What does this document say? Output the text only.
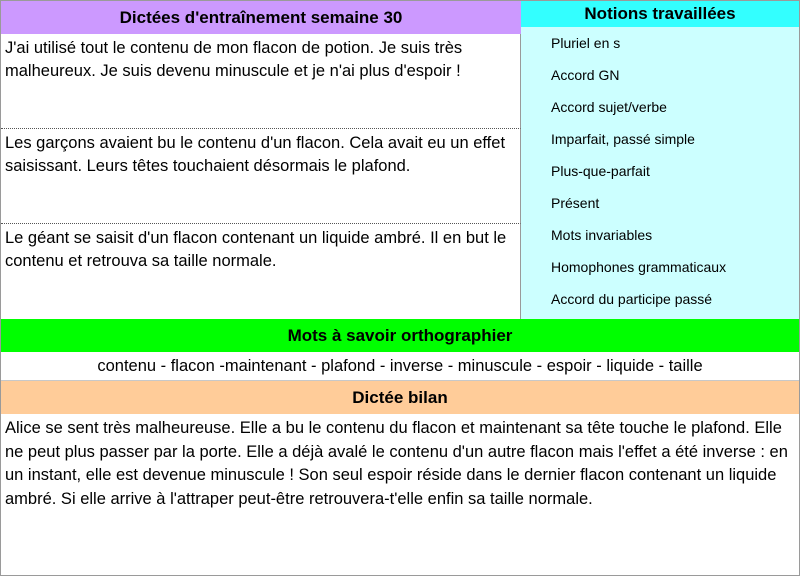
Dictées d'entraînement semaine 30
J'ai utilisé tout le contenu de mon flacon de potion. Je suis très malheureux. Je suis devenu minuscule et je n'ai plus d'espoir !
Les garçons avaient bu le contenu d'un flacon. Cela avait eu un effet saisissant. Leurs têtes touchaient désormais le plafond.
Le géant se saisit d'un flacon contenant un liquide ambré. Il en but le contenu et retrouva sa taille normale.
Notions travaillées
Pluriel en s
Accord GN
Accord sujet/verbe
Imparfait, passé simple
Plus-que-parfait
Présent
Mots invariables
Homophones grammaticaux
Accord du participe passé
Mots à savoir orthographier
contenu - flacon -maintenant - plafond - inverse - minuscule - espoir - liquide - taille
Dictée bilan
Alice se sent très malheureuse. Elle a bu le contenu du flacon et maintenant sa tête touche le plafond. Elle ne peut plus passer par la porte. Elle a déjà avalé le contenu d'un autre flacon mais l'effet a été inverse : en un instant, elle est devenue minuscule ! Son seul espoir réside dans le dernier flacon contenant un liquide ambré. Si elle arrive à l'attraper peut-être retrouvera-t'elle enfin sa taille normale.
